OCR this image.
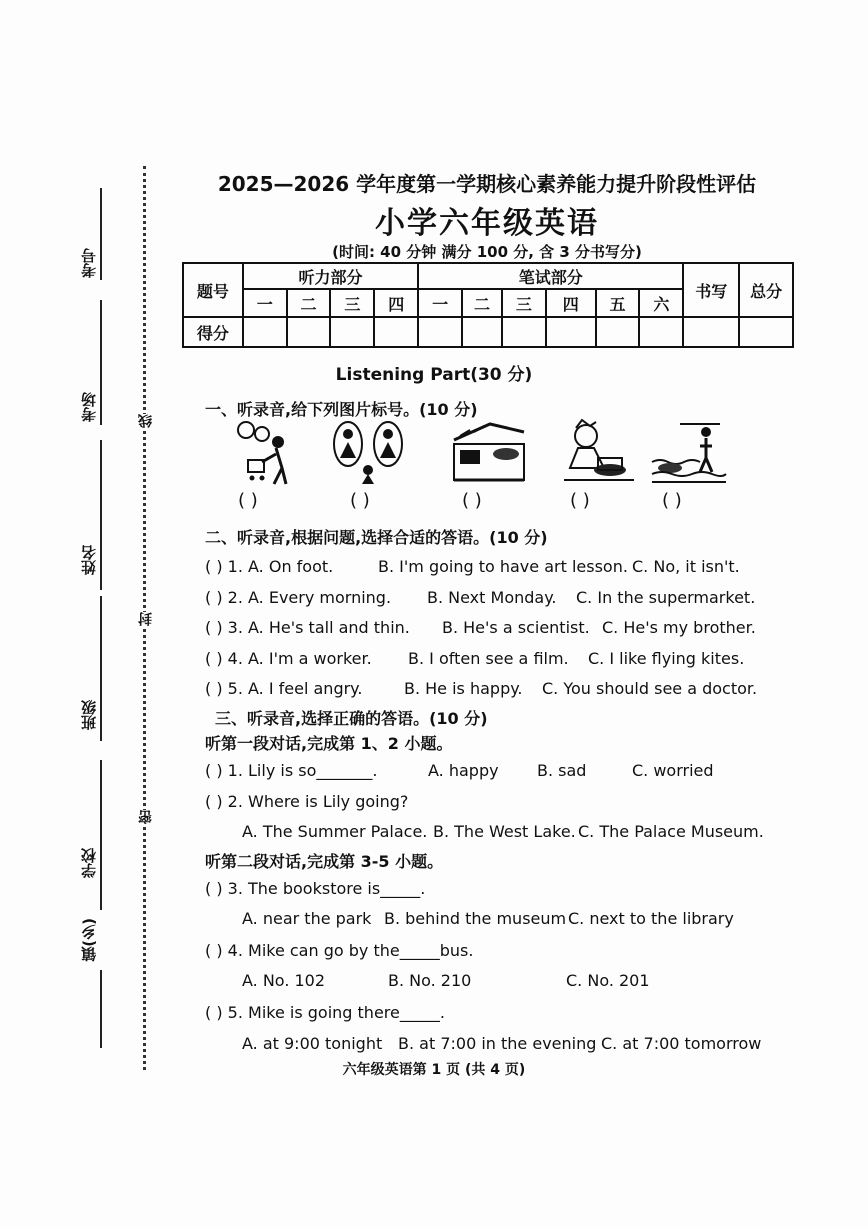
考号
考场
姓名
班级
学校
镇(乡)
线
封
密
2025—2026 学年度第一学期核心素养能力提升阶段性评估
小学六年级英语
(时间: 40 分钟 满分 100 分, 含 3 分书写分)
题号	听力部分				笔试部分						书写	总分
	一	二	三	四	一	二	三	四	五	六		
得分												
Listening Part(30 分)
一、听录音,给下列图片标号。(10 分)
( )	( )	( )	( )	( )
二、听录音,根据问题,选择合适的答语。(10 分)
( ) 1. A. On foot.	B. I'm going to have art lesson. C. No, it isn't.
( ) 2. A. Every morning. B. Next Monday. C. In the supermarket.
( ) 3. A. He's tall and thin. B. He's a scientist. C. He's my brother.
( ) 4. A. I'm a worker. B. I often see a film. C. I like flying kites.
( ) 5. A. I feel angry.	B. He is happy. C. You should see a doctor.
三、听录音,选择正确的答语。(10 分)
听第一段对话,完成第 1、2 小题。
( ) 1. Lily is so_______.	A. happy B. sad	C. worried
( ) 2. Where is Lily going?
A. The Summer Palace. B. The West Lake. C. The Palace Museum.
听第二段对话,完成第 3-5 小题。
( ) 3. The bookstore is_____.
A. near the park B. behind the museum C. next to the library
( ) 4. Mike can go by the_____bus.
A. No. 102	B. No. 210	C. No. 201
( ) 5. Mike is going there_____.
A. at 9:00 tonight B. at 7:00 in the evening C. at 7:00 tomorrow
六年级英语第 1 页 (共 4 页)
